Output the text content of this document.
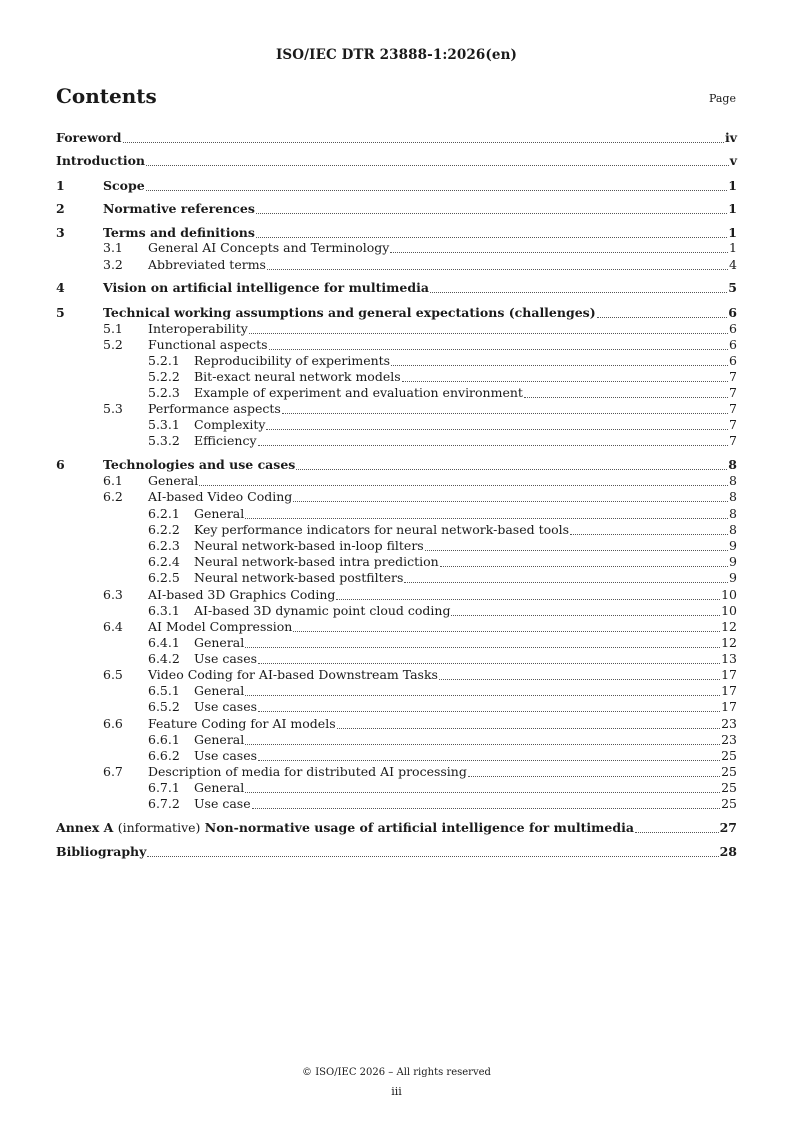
ISO/IEC DTR 23888-1:2026(en)
Contents	Page
Foreword	iv
Introduction	v
1	Scope	1
2	Normative references	1
3	Terms and definitions	1
3.1	General AI Concepts and Terminology	1
3.2	Abbreviated terms	4
4	Vision on artificial intelligence for multimedia	5
5	Technical working assumptions and general expectations (challenges)	6
5.1	Interoperability	6
5.2	Functional aspects	6
5.2.1	Reproducibility of experiments	6
5.2.2	Bit-exact neural network models	7
5.2.3	Example of experiment and evaluation environment	7
5.3	Performance aspects	7
5.3.1	Complexity	7
5.3.2	Efficiency	7
6	Technologies and use cases	8
6.1	General	8
6.2	AI-based Video Coding	8
6.2.1	General	8
6.2.2	Key performance indicators for neural network-based tools	8
6.2.3	Neural network-based in-loop filters	9
6.2.4	Neural network-based intra prediction	9
6.2.5	Neural network-based postfilters	9
6.3	AI-based 3D Graphics Coding	10
6.3.1	AI-based 3D dynamic point cloud coding	10
6.4	AI Model Compression	12
6.4.1	General	12
6.4.2	Use cases	13
6.5	Video Coding for AI-based Downstream Tasks	17
6.5.1	General	17
6.5.2	Use cases	17
6.6	Feature Coding for AI models	23
6.6.1	General	23
6.6.2	Use cases	25
6.7	Description of media for distributed AI processing	25
6.7.1	General	25
6.7.2	Use case	25
Annex A (informative) Non-normative usage of artificial intelligence for multimedia	27
Bibliography	28
© ISO/IEC 2026 – All rights reserved
iii
